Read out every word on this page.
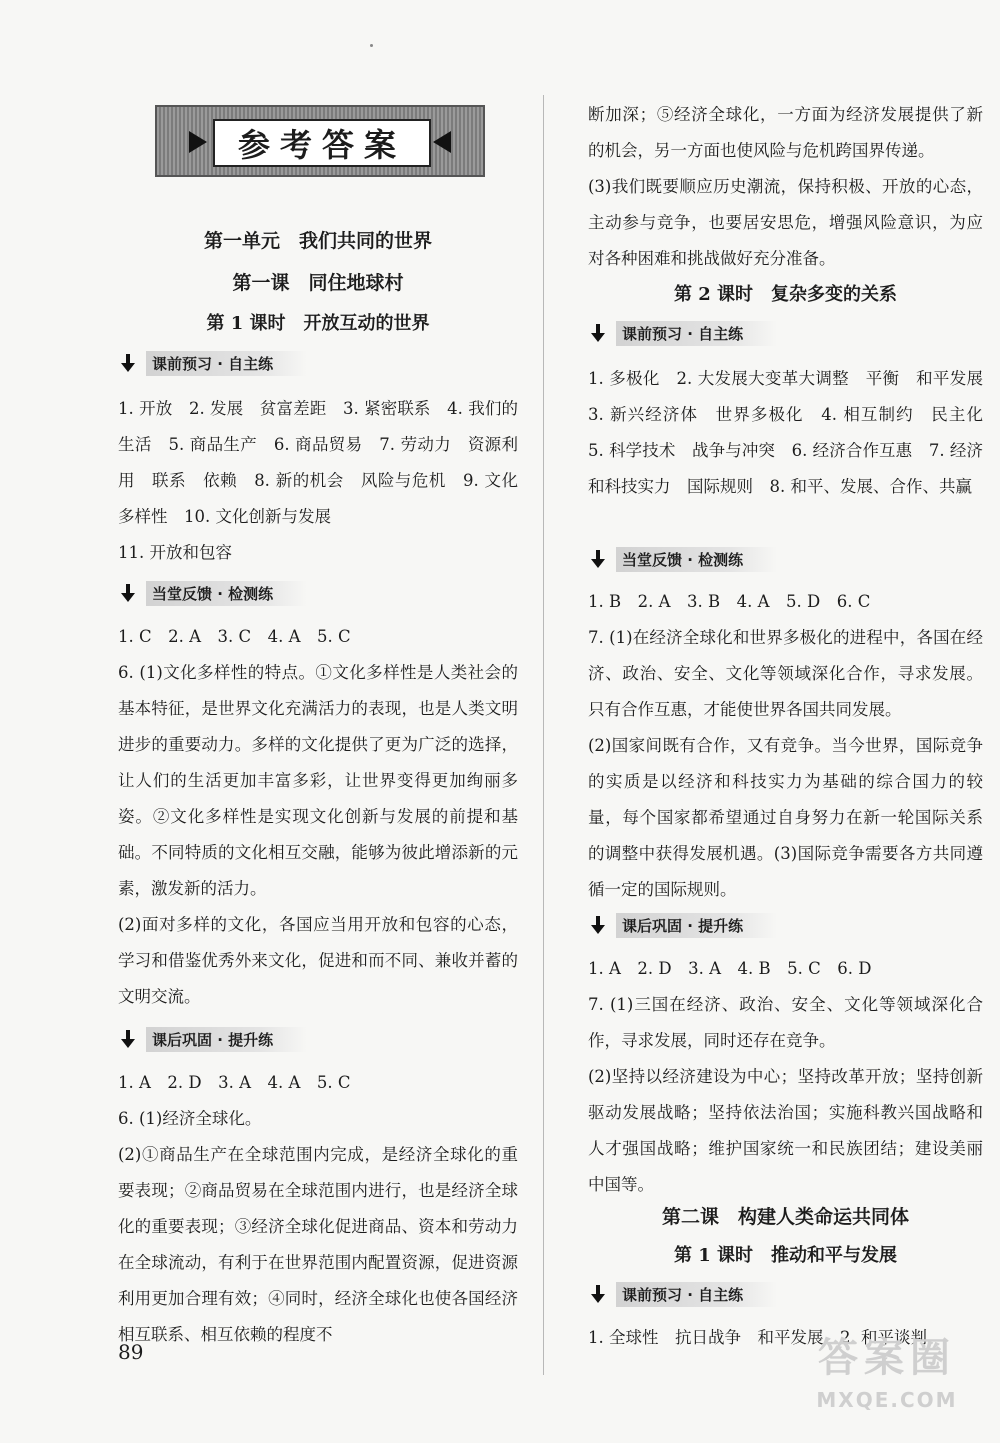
参考答案
第一单元　我们共同的世界
第一课　同住地球村
第 1 课时　开放互动的世界
课前预习 · 自主练
1. 开放　2. 发展　贫富差距　3. 紧密联系　4. 我们的生活　5. 商品生产　6. 商品贸易　7. 劳动力　资源利用　联系　依赖　8. 新的机会　风险与危机　9. 文化多样性　10. 文化创新与发展
11. 开放和包容
当堂反馈 · 检测练
1. C　2. A　3. C　4. A　5. C
6. (1)文化多样性的特点。①文化多样性是人类社会的基本特征，是世界文化充满活力的表现，也是人类文明进步的重要动力。多样的文化提供了更为广泛的选择，让人们的生活更加丰富多彩，让世界变得更加绚丽多姿。②文化多样性是实现文化创新与发展的前提和基础。不同特质的文化相互交融，能够为彼此增添新的元素，激发新的活力。
(2)面对多样的文化，各国应当用开放和包容的心态，学习和借鉴优秀外来文化，促进和而不同、兼收并蓄的文明交流。
课后巩固 · 提升练
1. A　2. D　3. A　4. A　5. C
6. (1)经济全球化。
(2)①商品生产在全球范围内完成，是经济全球化的重要表现；②商品贸易在全球范围内进行，也是经济全球化的重要表现；③经济全球化促进商品、资本和劳动力在全球流动，有利于在世界范围内配置资源，促进资源利用更加合理有效；④同时，经济全球化也使各国经济相互联系、相互依赖的程度不
断加深；⑤经济全球化，一方面为经济发展提供了新的机会，另一方面也使风险与危机跨国界传递。
(3)我们既要顺应历史潮流，保持积极、开放的心态，主动参与竞争，也要居安思危，增强风险意识，为应对各种困难和挑战做好充分准备。
第 2 课时　复杂多变的关系
课前预习 · 自主练
1. 多极化　2. 大发展大变革大调整　平衡　和平发展　3. 新兴经济体　世界多极化　4. 相互制约　民主化　5. 科学技术　战争与冲突　6. 经济合作互惠　7. 经济和科技实力　国际规则　8. 和平、发展、合作、共赢
当堂反馈 · 检测练
1. B　2. A　3. B　4. A　5. D　6. C
7. (1)在经济全球化和世界多极化的进程中，各国在经济、政治、安全、文化等领域深化合作，寻求发展。只有合作互惠，才能使世界各国共同发展。
(2)国家间既有合作，又有竞争。当今世界，国际竞争的实质是以经济和科技实力为基础的综合国力的较量，每个国家都希望通过自身努力在新一轮国际关系的调整中获得发展机遇。(3)国际竞争需要各方共同遵循一定的国际规则。
课后巩固 · 提升练
1. A　2. D　3. A　4. B　5. C　6. D
7. (1)三国在经济、政治、安全、文化等领域深化合作，寻求发展，同时还存在竞争。
(2)坚持以经济建设为中心；坚持改革开放；坚持创新驱动发展战略；坚持依法治国；实施科教兴国战略和人才强国战略；维护国家统一和民族团结；建设美丽中国等。
第二课　构建人类命运共同体
第 1 课时　推动和平与发展
课前预习 · 自主练
1. 全球性　抗日战争　和平发展　2. 和平谈判
89	答案圈
MXQE.COM
